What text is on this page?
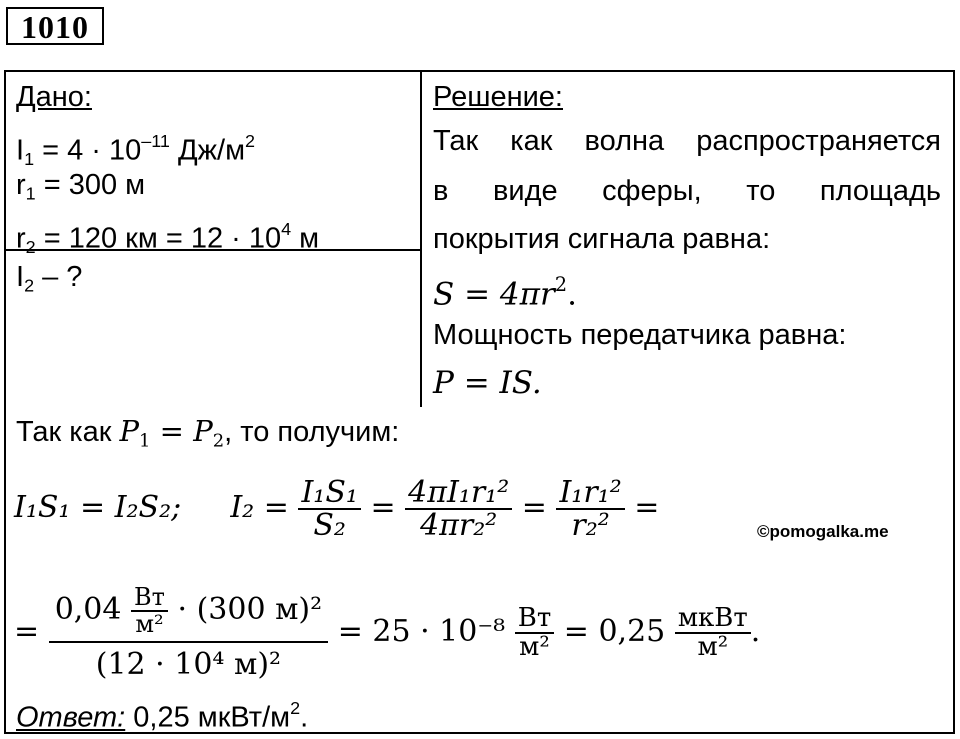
1010
Дано:
$I_1 = 4 \cdot 10^{-11}$ $Дж/м^2$
$r_1 = 300$ м
$r_2 = 120$ км = $12 \cdot 10^4$ м
$I_2$ – ?
Решение:
Так как волна распространяется
в виде сферы, то площадь
покрытия сигнала равна:
$S = 4\pi r^2$.
Мощность передатчика равна:
P = IS.
Так как $P_1 = P_2$, то получим:
I₁S₁ = I₂S₂; $I_2 = \frac{\text{I₁S₁}}{\text{S₂}} = \frac{\text{4πI₁r₁²}}{\text{4πr₂²}} = \frac{\text{I₁r₁²}}{\text{r₂²}}$ =
©pomogalka.me
= $\frac{0,04 \frac{Вт}{\text{м²}} \cdot (300 м)^2}{\text{(12 · 10⁴ м)²}} = 25 \cdot 10^{-8} \frac{Вт}{\text{м²}} = 0,25 \frac{\text{мкВт}}{\text{м²}}$ .
Ответ: 0,25 мкВт/$м^2$.
